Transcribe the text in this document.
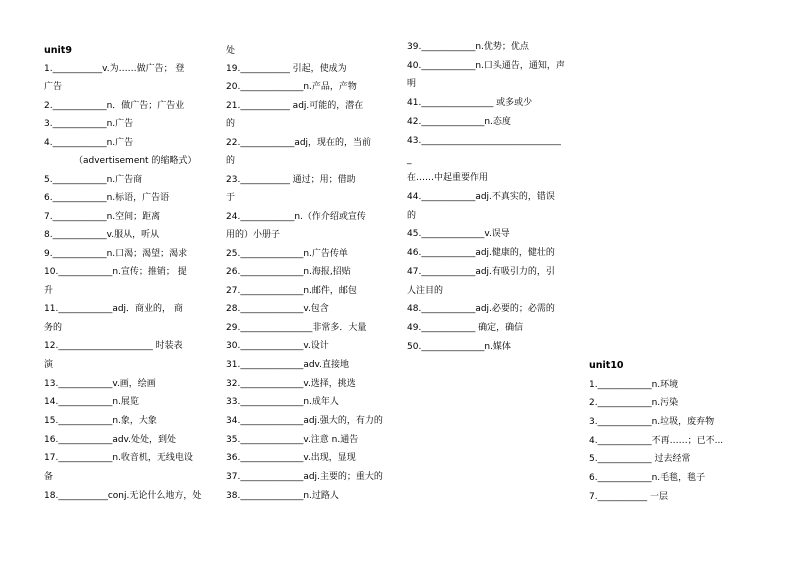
unit9
1.___________v.为……做广告； 登
广告
2.____________n．做广告；广告业
3.____________n.广告
4.____________n.广告
（advertisement 的缩略式）
5.____________n.广告商
6.____________n.标语，广告语
7.____________n.空间；距离
8.____________v.服从，听从
9.____________n.口渴；渴望；渴求
10.____________n.宣传；推销； 提
升
11.____________adj．商业的， 商
务的
12._____________________ 时装表
演
13.____________v.画，绘画
14.____________n.展览
15.____________n.象，大象
16.____________adv.处处，到处
17.____________n.收音机，无线电设
备
18.___________conj.无论什么地方，处
处
19.___________ 引起，使成为
20.______________n.产品，产物
21.___________ adj.可能的，潜在
的
22.____________adj，现在的，当前
的
23.___________ 通过；用；借助
于
24.____________n.（作介绍或宣传
用的）小册子
25.______________n.广告传单
26.______________n.海报,招贴
27.______________n.邮件，邮包
28.______________v.包含
29.________________非常多．大量
30.______________v.设计
31.______________adv.直接地
32.______________v.选择，挑选
33.______________n.成年人
34.______________adj.强大的，有力的
35.______________v.注意 n.通告
36.______________v.出现，显现
37.______________adj.主要的；重大的
38.______________n.过路人
39.____________n.优势；优点
40.____________n.口头通告，通知，声
明
41.________________ 或多或少
42.______________n.态度
43._______________________________
_
在……中起重要作用
44.____________adj.不真实的，错误
的
45.______________v.误导
46.____________adj.健康的，健壮的
47.____________adj.有吸引力的，引
人注目的
48.____________adj.必要的；必需的
49.____________ 确定，确信
50.______________n.媒体
unit10
1.____________n.环境
2.____________n.污染
3.____________n.垃圾，废弃物
4.____________不再……；已不...
5.____________ 过去经常
6.____________n.毛毯，毯子
7.___________ 一层
